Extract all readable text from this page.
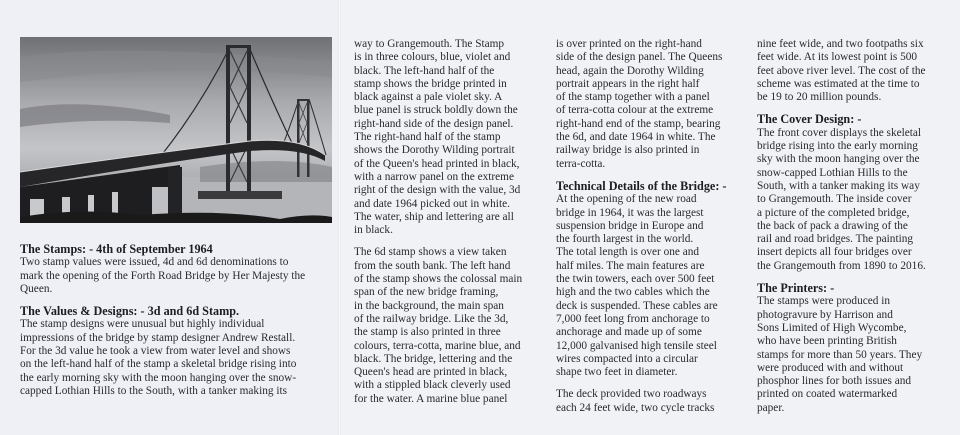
The Stamps: - 4th of September 1964
Two stamp values were issued, 4d and 6d denominations to
mark the opening of the Forth Road Bridge by Her Majesty the
Queen.
The Values & Designs: - 3d and 6d Stamp.
The stamp designs were unusual but highly individual
impressions of the bridge by stamp designer Andrew Restall.
For the 3d value he took a view from water level and shows
on the left-hand half of the stamp a skeletal bridge rising into
the early morning sky with the moon hanging over the snow-
capped Lothian Hills to the South, with a tanker making its
way to Grangemouth. The Stamp
is in three colours, blue, violet and
black. The left-hand half of the
stamp shows the bridge printed in
black against a pale violet sky. A
blue panel is struck boldly down the
right-hand side of the design panel.
The right-hand half of the stamp
shows the Dorothy Wilding portrait
of the Queen's head printed in black,
with a narrow panel on the extreme
right of the design with the value, 3d
and date 1964 picked out in white.
The water, ship and lettering are all
in black.
The 6d stamp shows a view taken
from the south bank. The left hand
of the stamp shows the colossal main
span of the new bridge framing,
in the background, the main span
of the railway bridge. Like the 3d,
the stamp is also printed in three
colours, terra-cotta, marine blue, and
black. The bridge, lettering and the
Queen's head are printed in black,
with a stippled black cleverly used
for the water. A marine blue panel
is over printed on the right-hand
side of the design panel. The Queens
head, again the Dorothy Wilding
portrait appears in the right half
of the stamp together with a panel
of terra-cotta colour at the extreme
right-hand end of the stamp, bearing
the 6d, and date 1964 in white. The
railway bridge is also printed in
terra-cotta.
Technical Details of the Bridge: -
At the opening of the new road
bridge in 1964, it was the largest
suspension bridge in Europe and
the fourth largest in the world.
The total length is over one and
half miles. The main features are
the twin towers, each over 500 feet
high and the two cables which the
deck is suspended. These cables are
7,000 feet long from anchorage to
anchorage and made up of some
12,000 galvanised high tensile steel
wires compacted into a circular
shape two feet in diameter.
The deck provided two roadways
each 24 feet wide, two cycle tracks
nine feet wide, and two footpaths six
feet wide. At its lowest point is 500
feet above river level. The cost of the
scheme was estimated at the time to
be 19 to 20 million pounds.
The Cover Design: -
The front cover displays the skeletal
bridge rising into the early morning
sky with the moon hanging over the
snow-capped Lothian Hills to the
South, with a tanker making its way
to Grangemouth. The inside cover
a picture of the completed bridge,
the back of pack a drawing of the
rail and road bridges. The painting
insert depicts all four bridges over
the Grangemouth from 1890 to 2016.
The Printers: -
The stamps were produced in
photogravure by Harrison and
Sons Limited of High Wycombe,
who have been printing British
stamps for more than 50 years. They
were produced with and without
phosphor lines for both issues and
printed on coated watermarked
paper.
